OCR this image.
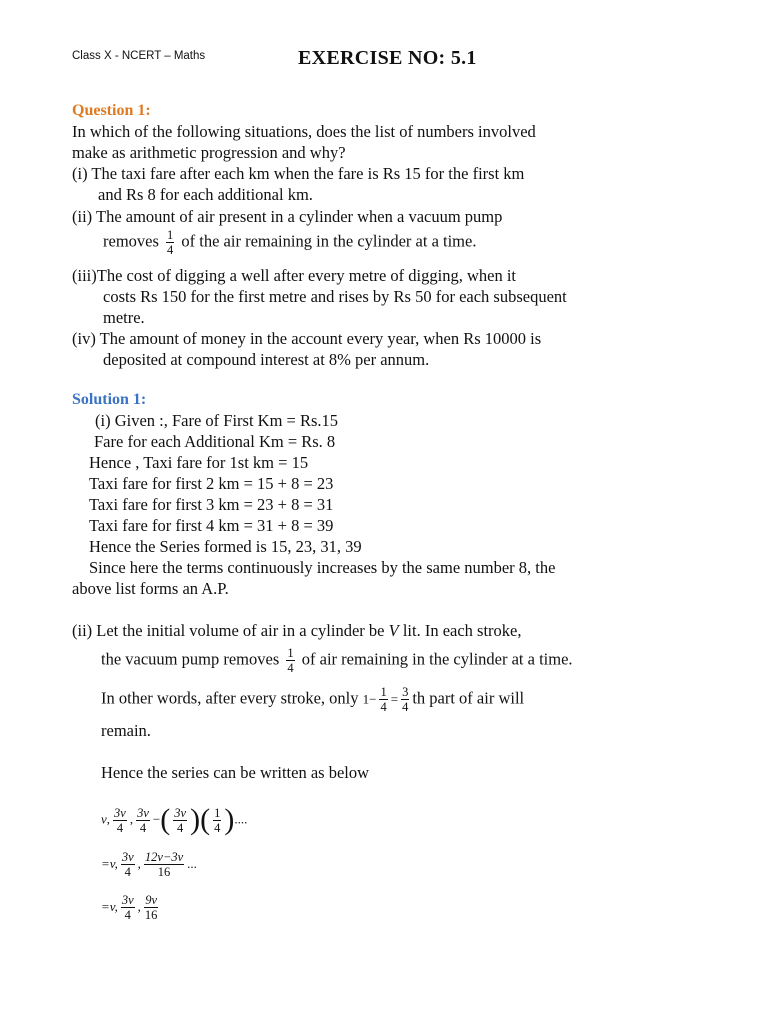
Class X - NCERT – Maths	EXERCISE NO: 5.1
Question 1:
In which of the following situations, does the list of numbers involved
make as arithmetic progression and why?
(i) The taxi fare after each km when the fare is Rs 15 for the first km
and Rs 8 for each additional km.
(ii) The amount of air present in a cylinder when a vacuum pump
removes $\frac{1}{4}$ of the air remaining in the cylinder at a time.
(iii)The cost of digging a well after every metre of digging, when it
costs Rs 150 for the first metre and rises by Rs 50 for each subsequent
metre.
(iv) The amount of money in the account every year, when Rs 10000 is
deposited at compound interest at 8% per annum.
Solution 1:
(i) Given :, Fare of First Km = Rs.15
Fare for each Additional Km = Rs. 8
Hence , Taxi fare for 1st km = 15
Taxi fare for first 2 km = 15 + 8 = 23
Taxi fare for first 3 km = 23 + 8 = 31
Taxi fare for first 4 km = 31 + 8 = 39
Hence the Series formed is 15, 23, 31, 39
Since here the terms continuously increases by the same number 8, the
above list forms an A.P.
(ii) Let the initial volume of air in a cylinder be V lit. In each stroke,
the vacuum pump removes $\frac{1}{4}$ of air remaining in the cylinder at a time.
In other words, after every stroke, only $1- \frac{1}{4} = \frac{3}{4}$ th part of air will
remain.
Hence the series can be written as below
v, $\frac{3v}{4}$ , $\frac{3v}{4}$ −( $\frac{3v}{4}$ )( $\frac{1}{4}$ )....
=v, $\frac{3v}{4}$ , $\frac{12v-3v}{16}$ ...
=v, $\frac{3v}{4}$ , $\frac{9v}{16}$
